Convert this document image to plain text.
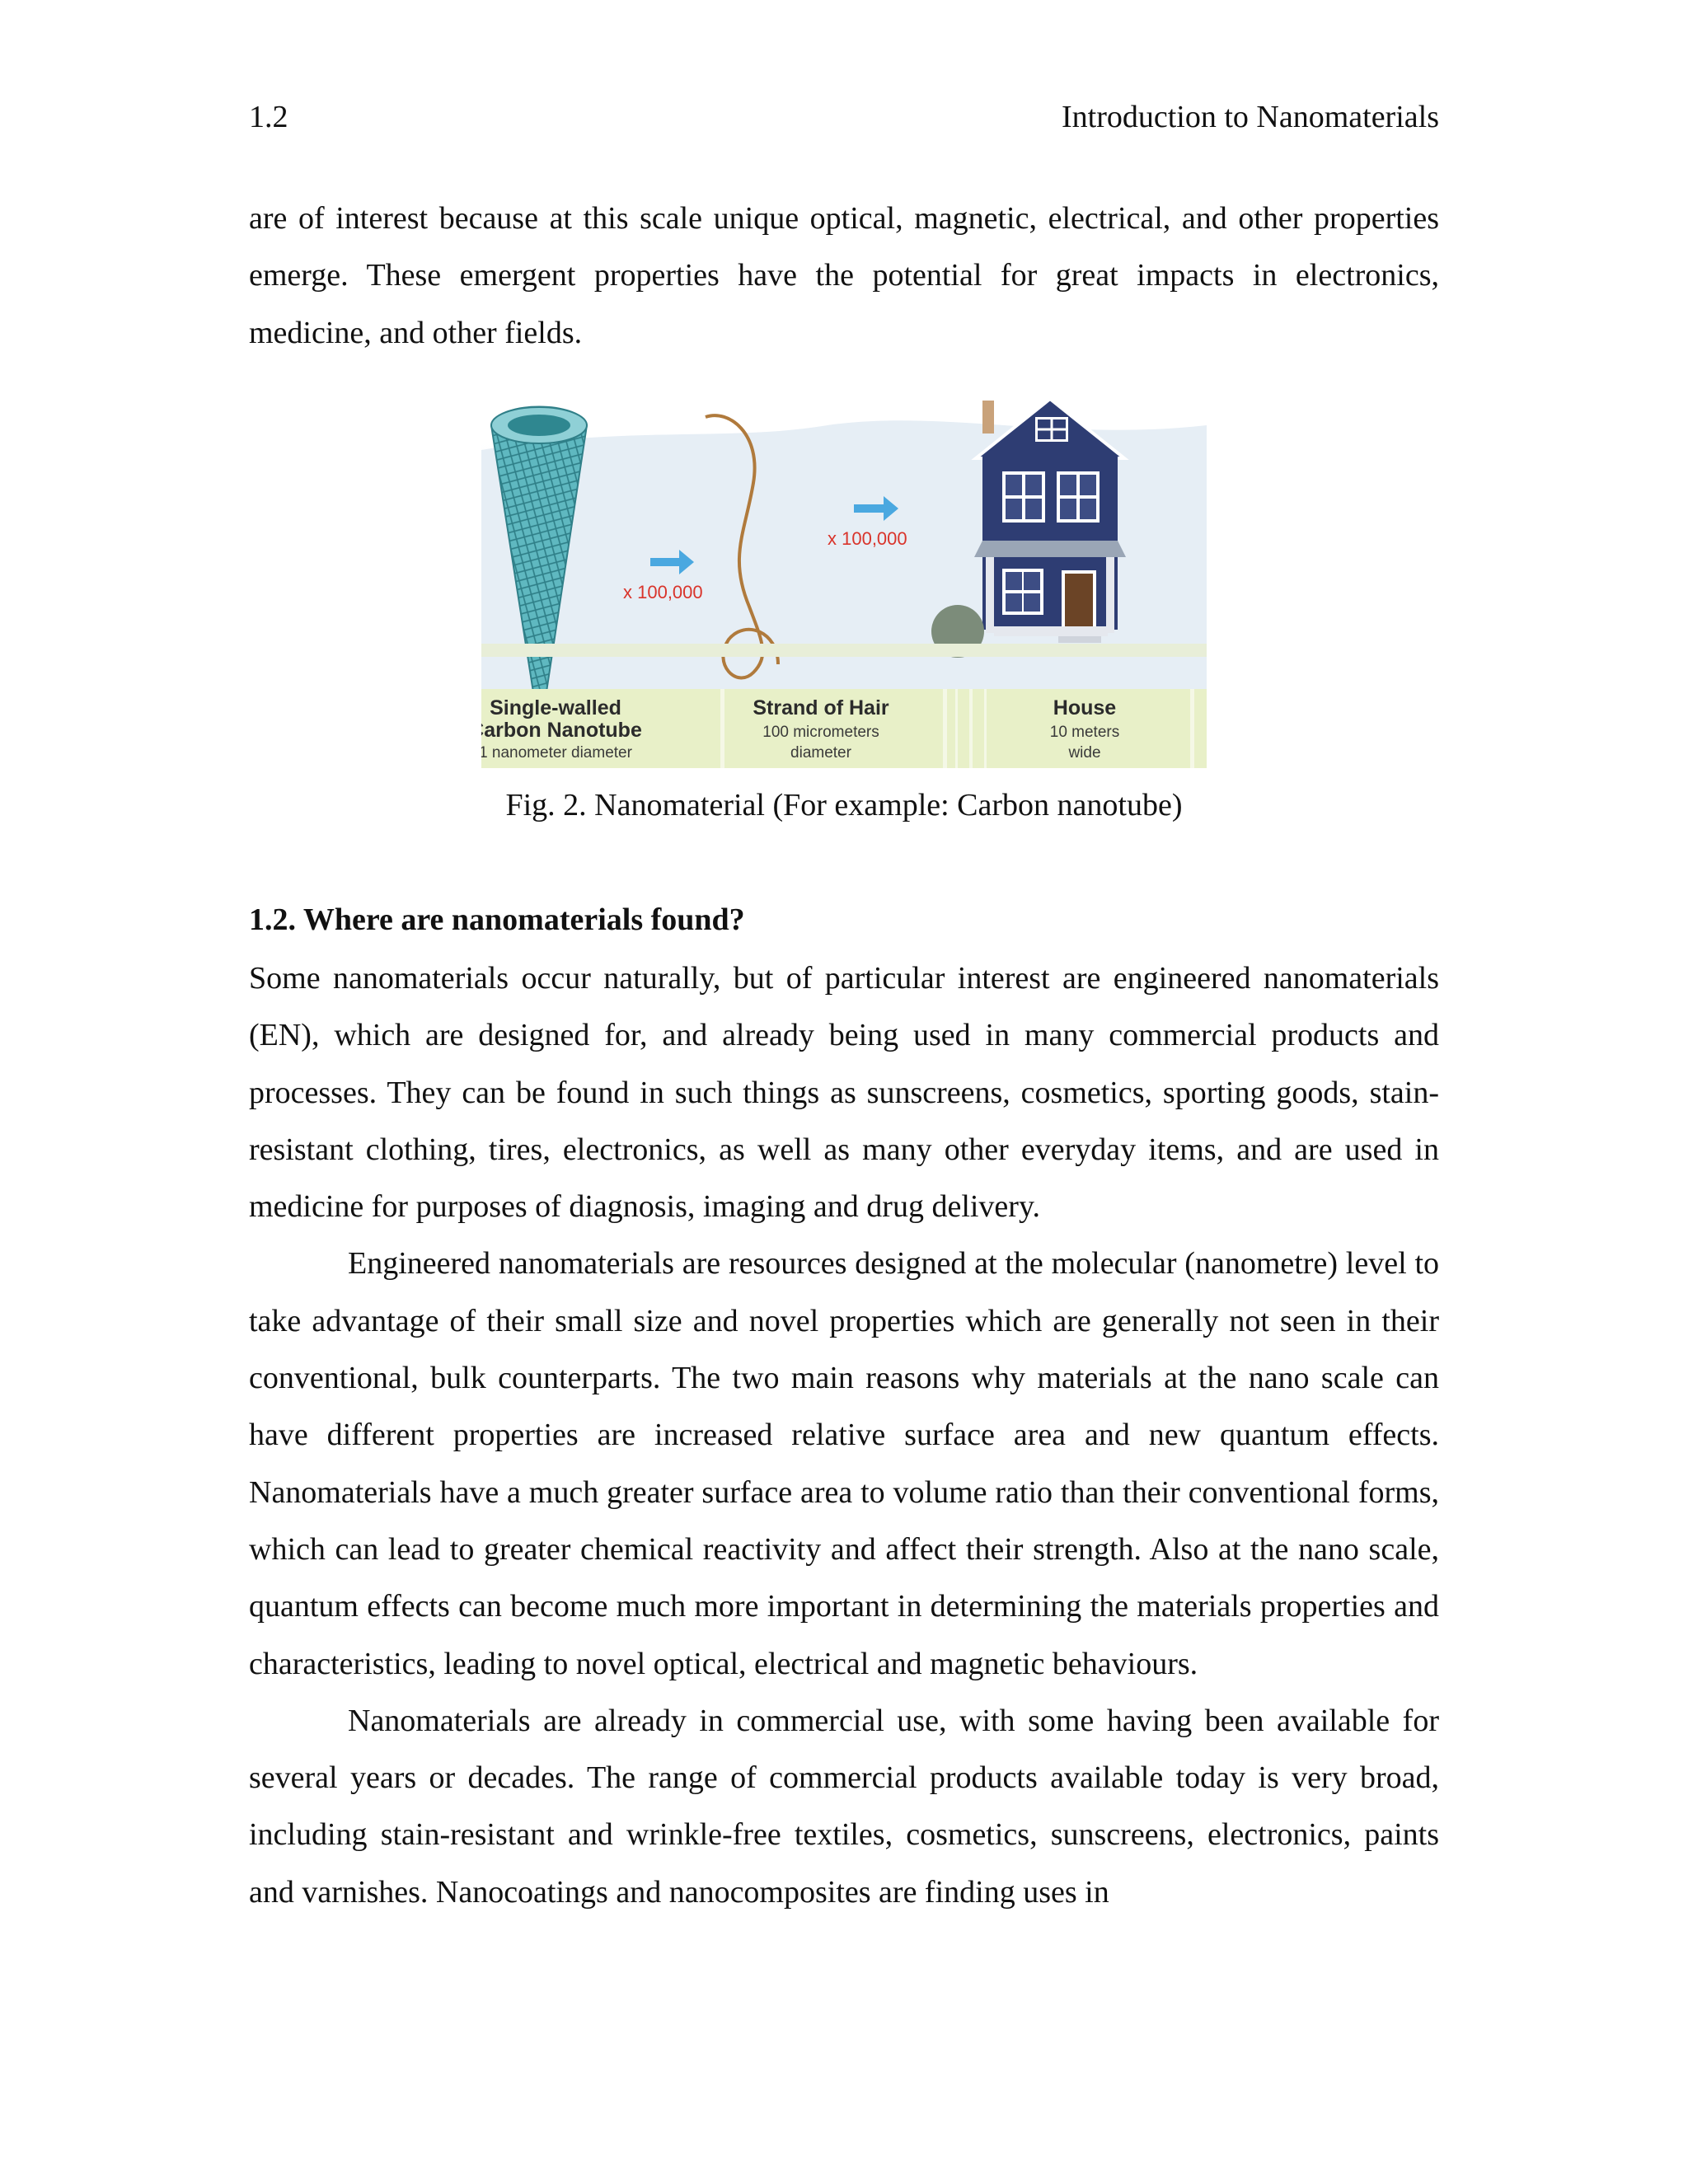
1.2	Introduction to Nanomaterials

are of interest because at this scale unique optical, magnetic, electrical, and other properties emerge. These emergent properties have the potential for great impacts in electronics, medicine, and other fields.

x 100,000
x 100,000
Single-walled
Carbon Nanotube
1 nanometer diameter
Strand of Hair
100 micrometers
diameter
House
10 meters
wide
Fig. 2. Nanomaterial (For example: Carbon nanotube)
1.2. Where are nanomaterials found?

Some nanomaterials occur naturally, but of particular interest are engineered nanomaterials (EN), which are designed for, and already being used in many commercial products and processes. They can be found in such things as sunscreens, cosmetics, sporting goods, stain-resistant clothing, tires, electronics, as well as many other everyday items, and are used in medicine for purposes of diagnosis, imaging and drug delivery.

Engineered nanomaterials are resources designed at the molecular (nanometre) level to take advantage of their small size and novel properties which are generally not seen in their conventional, bulk counterparts. The two main reasons why materials at the nano scale can have different properties are increased relative surface area and new quantum effects. Nanomaterials have a much greater surface area to volume ratio than their conventional forms, which can lead to greater chemical reactivity and affect their strength. Also at the nano scale, quantum effects can become much more important in determining the materials properties and characteristics, leading to novel optical, electrical and magnetic behaviours.

Nanomaterials are already in commercial use, with some having been available for several years or decades. The range of commercial products available today is very broad, including stain-resistant and wrinkle-free textiles, cosmetics, sunscreens, electronics, paints and varnishes. Nanocoatings and nanocomposites are finding uses in
